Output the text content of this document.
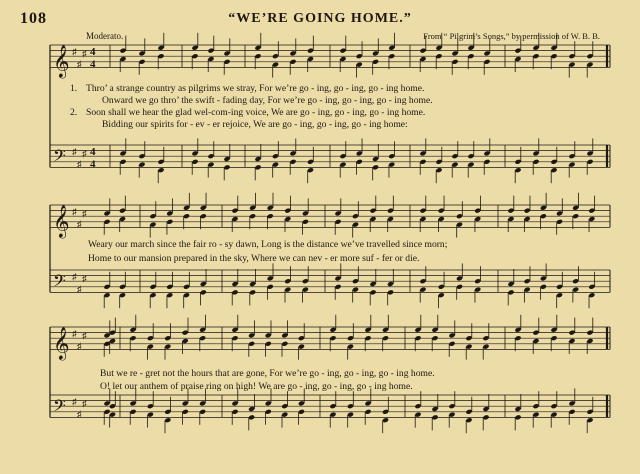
𝄞 ♯
♯
♯ 4
4
𝄢 ♯
♯
♯ 4
4
𝄞 ♯
♯
♯
𝄢 ♯
♯
♯
𝄞 ♯
♯
♯
𝄢 ♯
♯
♯
108	“WE’RE GOING HOME.”
Moderato.	From “ Pilgrim’s Songs,” by permission of W. B. B.
1. Thro’ a strange country as pilgrims we stray, For we’re go - ing, go - ing, go - ing home.
Onward we go thro’ the swift - fading day, For we’re go - ing, go - ing, go - ing home.
2. Soon shall we hear the glad wel-com-ing voice, We are go - ing, go - ing, go - ing home.
Bidding our spirits for - ev - er rejoice, We are go - ing, go - ing, go - ing home:
Weary our march since the fair ro - sy dawn, Long is the distance we’ve travelled since morn;
Home to our mansion prepared in the sky, Where we can nev - er more suf - fer or die.
But we re - gret not the hours that are gone, For we’re go - ing, go - ing, go - ing home.
O! let our anthem of praise ring on high! We are go - ing, go - ing, go - ing home.
